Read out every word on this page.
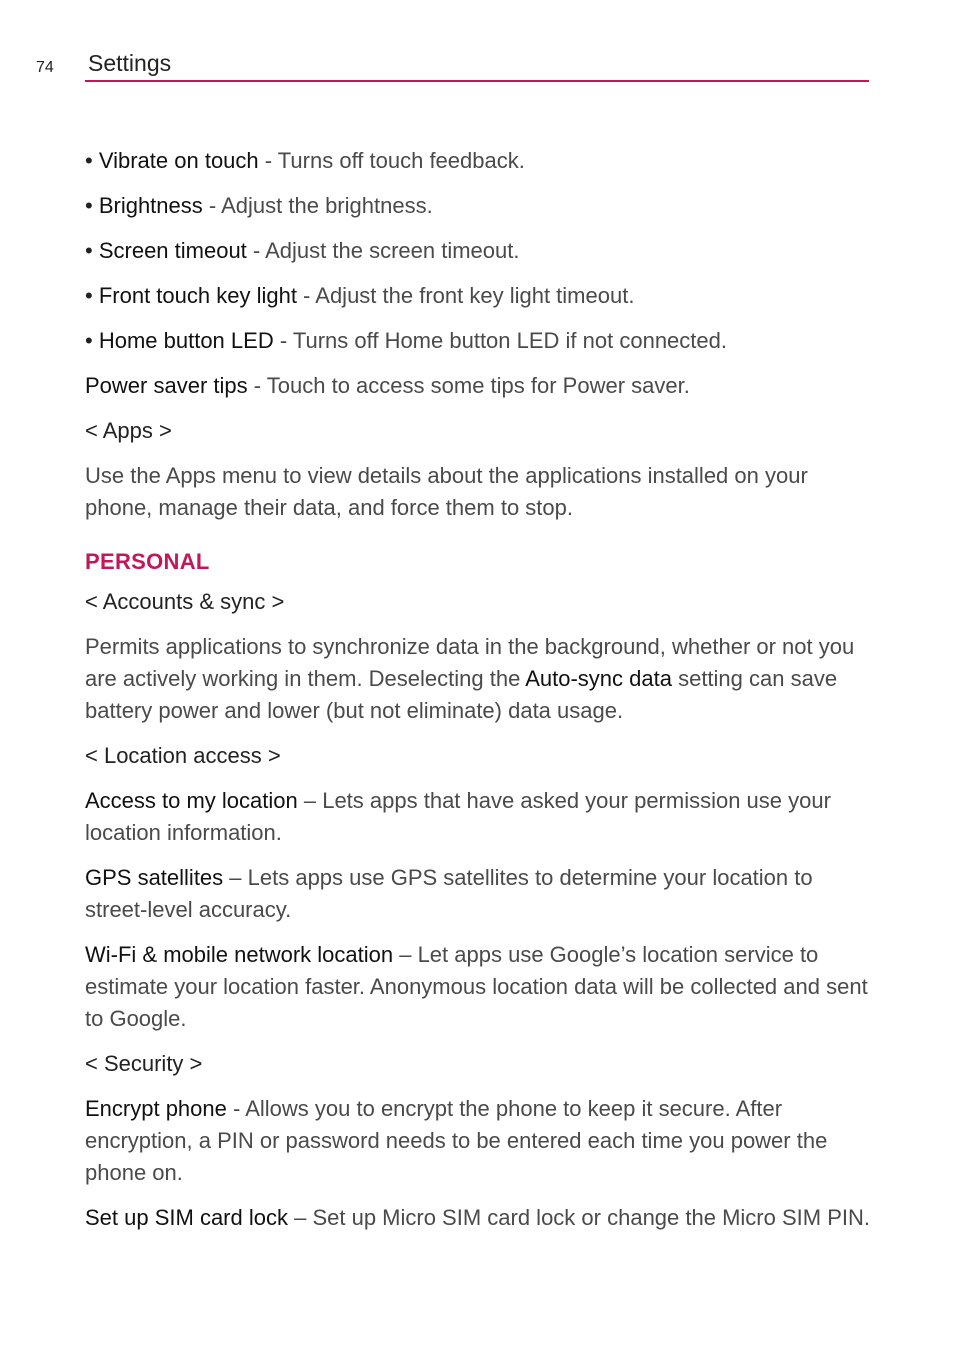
74 Settings
• Vibrate on touch - Turns off touch feedback.
• Brightness - Adjust the brightness.
• Screen timeout - Adjust the screen timeout.
• Front touch key light - Adjust the front key light timeout.
• Home button LED - Turns off Home button LED if not connected.
Power saver tips - Touch to access some tips for Power saver.
< Apps >
Use the Apps menu to view details about the applications installed on your phone, manage their data, and force them to stop.
PERSONAL
< Accounts & sync >
Permits applications to synchronize data in the background, whether or not you are actively working in them. Deselecting the Auto-sync data setting can save battery power and lower (but not eliminate) data usage.
< Location access >
Access to my location – Lets apps that have asked your permission use your location information.
GPS satellites – Lets apps use GPS satellites to determine your location to street-level accuracy.
Wi-Fi & mobile network location – Let apps use Google’s location service to estimate your location faster. Anonymous location data will be collected and sent to Google.
< Security >
Encrypt phone - Allows you to encrypt the phone to keep it secure. After encryption, a PIN or password needs to be entered each time you power the phone on.
Set up SIM card lock – Set up Micro SIM card lock or change the Micro SIM PIN.
